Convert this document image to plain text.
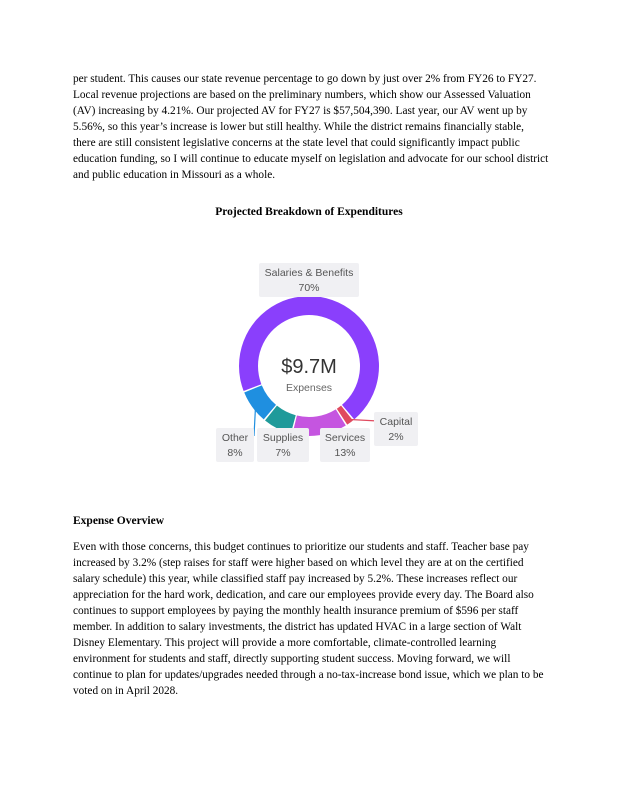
per student. This causes our state revenue percentage to go down by just over 2% from FY26 to FY27. Local revenue projections are based on the preliminary numbers, which show our Assessed Valuation (AV) increasing by 4.21%. Our projected AV for FY27 is $57,504,390. Last year, our AV went up by 5.56%, so this year’s increase is lower but still healthy. While the district remains financially stable, there are still consistent legislative concerns at the state level that could significantly impact public education funding, so I will continue to educate myself on legislation and advocate for our school district and public education in Missouri as a whole.

Projected Breakdown of Expenditures
Salaries & Benefits
70%
Capital
2%
Services
13%
Supplies
7%
Other
8%
$9.7M
Expenses
Expense Overview

Even with those concerns, this budget continues to prioritize our students and staff. Teacher base pay increased by 3.2% (step raises for staff were higher based on which level they are at on the certified salary schedule) this year, while classified staff pay increased by 5.2%. These increases reflect our appreciation for the hard work, dedication, and care our employees provide every day. The Board also continues to support employees by paying the monthly health insurance premium of $596 per staff member. In addition to salary investments, the district has updated HVAC in a large section of Walt Disney Elementary. This project will provide a more comfortable, climate-controlled learning environment for students and staff, directly supporting student success. Moving forward, we will continue to plan for updates/upgrades needed through a no-tax-increase bond issue, which we plan to be voted on in April 2028.
